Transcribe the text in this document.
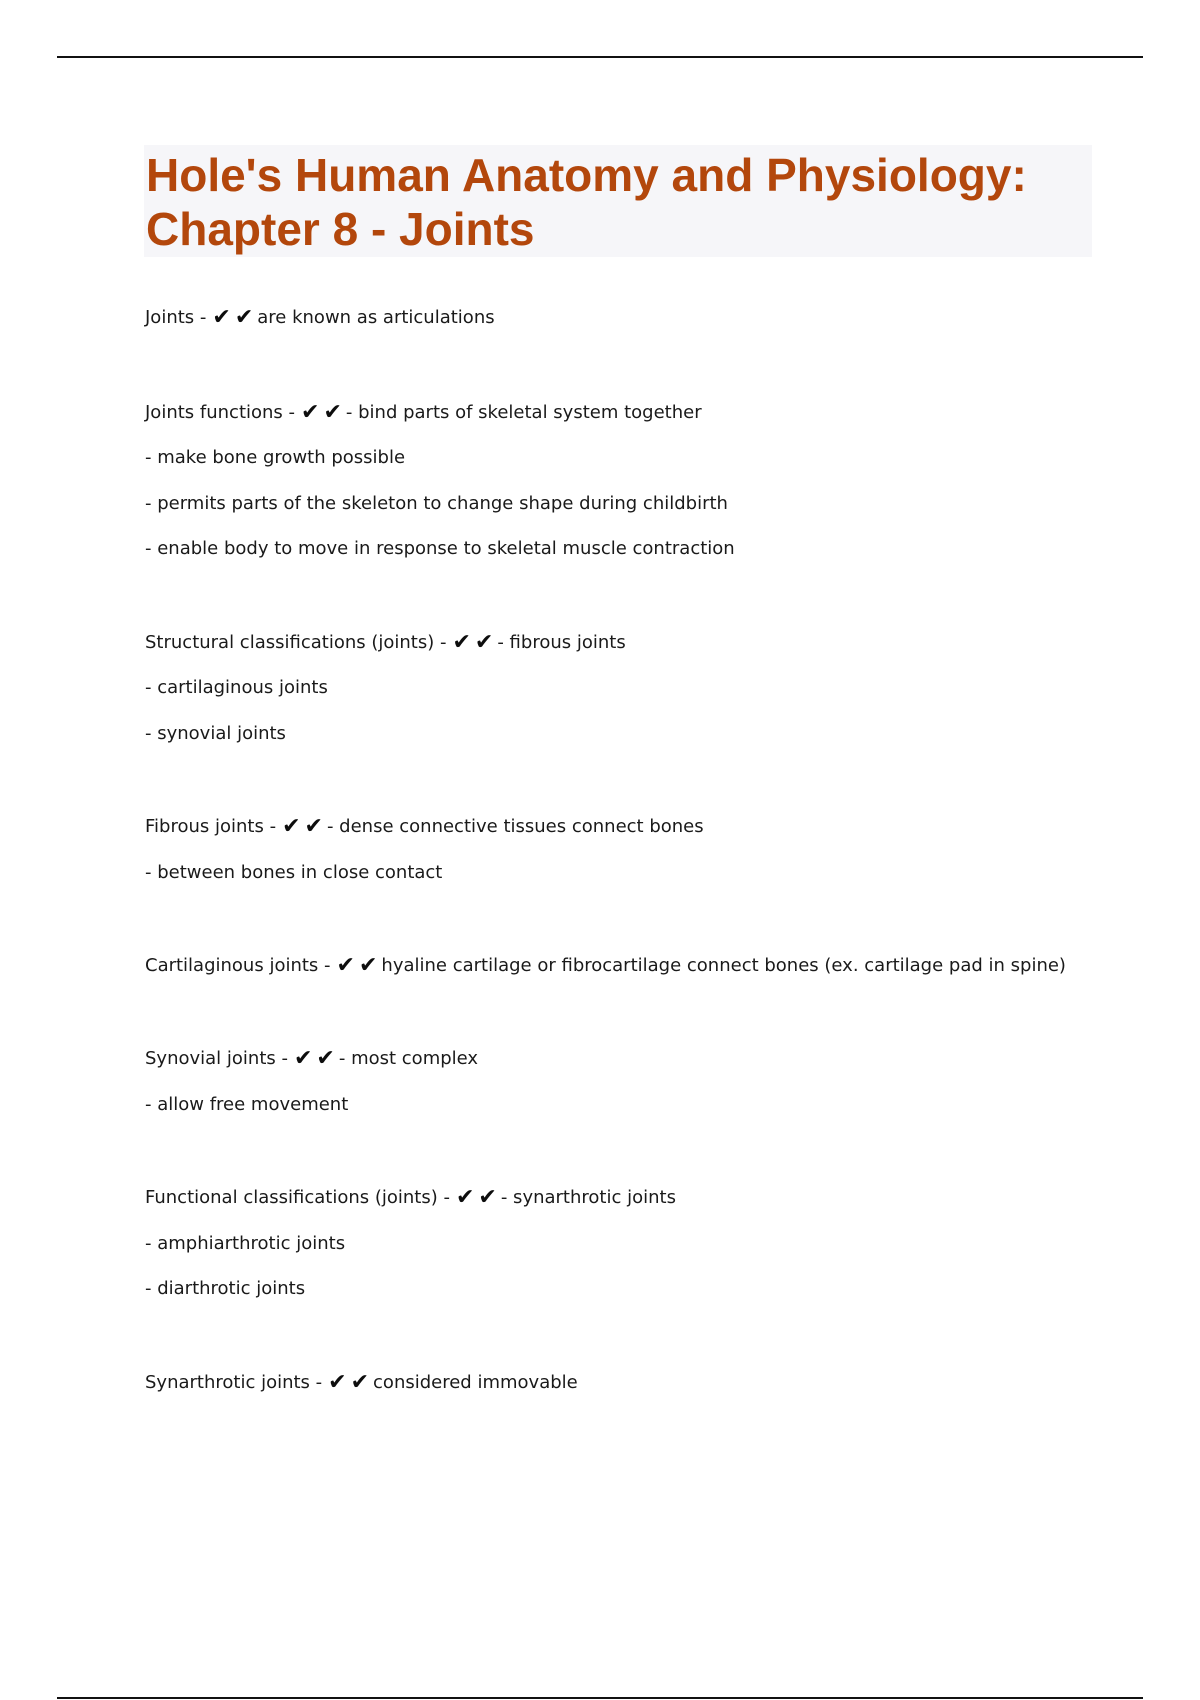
Hole's Human Anatomy and Physiology:
Chapter 8 - Joints
Joints - ✔ ✔ are known as articulations
Joints functions - ✔ ✔ - bind parts of skeletal system together
- make bone growth possible
- permits parts of the skeleton to change shape during childbirth
- enable body to move in response to skeletal muscle contraction
Structural classifications (joints) - ✔ ✔ - fibrous joints
- cartilaginous joints
- synovial joints
Fibrous joints - ✔ ✔ - dense connective tissues connect bones
- between bones in close contact
Cartilaginous joints - ✔ ✔ hyaline cartilage or fibrocartilage connect bones (ex. cartilage pad in spine)
Synovial joints - ✔ ✔ - most complex
- allow free movement
Functional classifications (joints) - ✔ ✔ - synarthrotic joints
- amphiarthrotic joints
- diarthrotic joints
Synarthrotic joints - ✔ ✔ considered immovable
